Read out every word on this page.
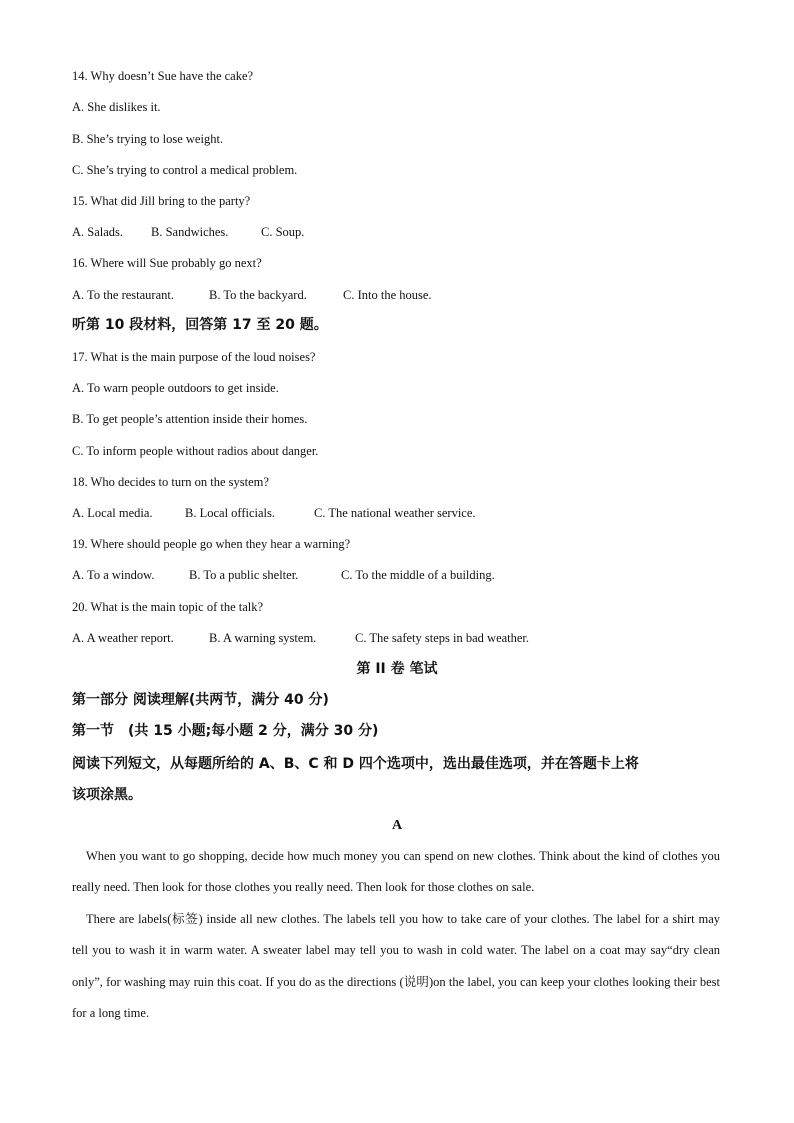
14. Why doesn’t Sue have the cake?
A. She dislikes it.
B. She’s trying to lose weight.
C. She’s trying to control a medical problem.
15. What did Jill bring to the party?
A. Salads. B. Sandwiches.	C. Soup.
16. Where will Sue probably go next?
A. To the restaurant.	B. To the backyard.	C. Into the house.
听第 10 段材料，回答第 17 至 20 题。
17. What is the main purpose of the loud noises?
A. To warn people outdoors to get inside.
B. To get people’s attention inside their homes.
C. To inform people without radios about danger.
18. Who decides to turn on the system?
A. Local media.	B. Local officials.	C. The national weather service.
19. Where should people go when they hear a warning?
A. To a window.	B. To a public shelter.	C. To the middle of a building.
20. What is the main topic of the talk?
A. A weather report.	B. A warning system.	C. The safety steps in bad weather.
第 II 卷 笔试
第一部分 阅读理解(共两节，满分 40 分)
第一节　(共 15 小题;每小题 2 分，满分 30 分)
阅读下列短文，从每题所给的 A、B、C 和 D 四个选项中，选出最佳选项，并在答题卡上将
该项涂黑。
A
When you want to go shopping, decide how much money you can spend on new clothes. Think about the kind of clothes you really need. Then look for those clothes you really need. Then look for those clothes on sale.
There are labels(标签) inside all new clothes. The labels tell you how to take care of your clothes. The label for a shirt may tell you to wash it in warm water. A sweater label may tell you to wash in cold water. The label on a coat may say“dry clean only”, for washing may ruin this coat. If you do as the directions (说明)on the label, you can keep your clothes looking their best for a long time.
